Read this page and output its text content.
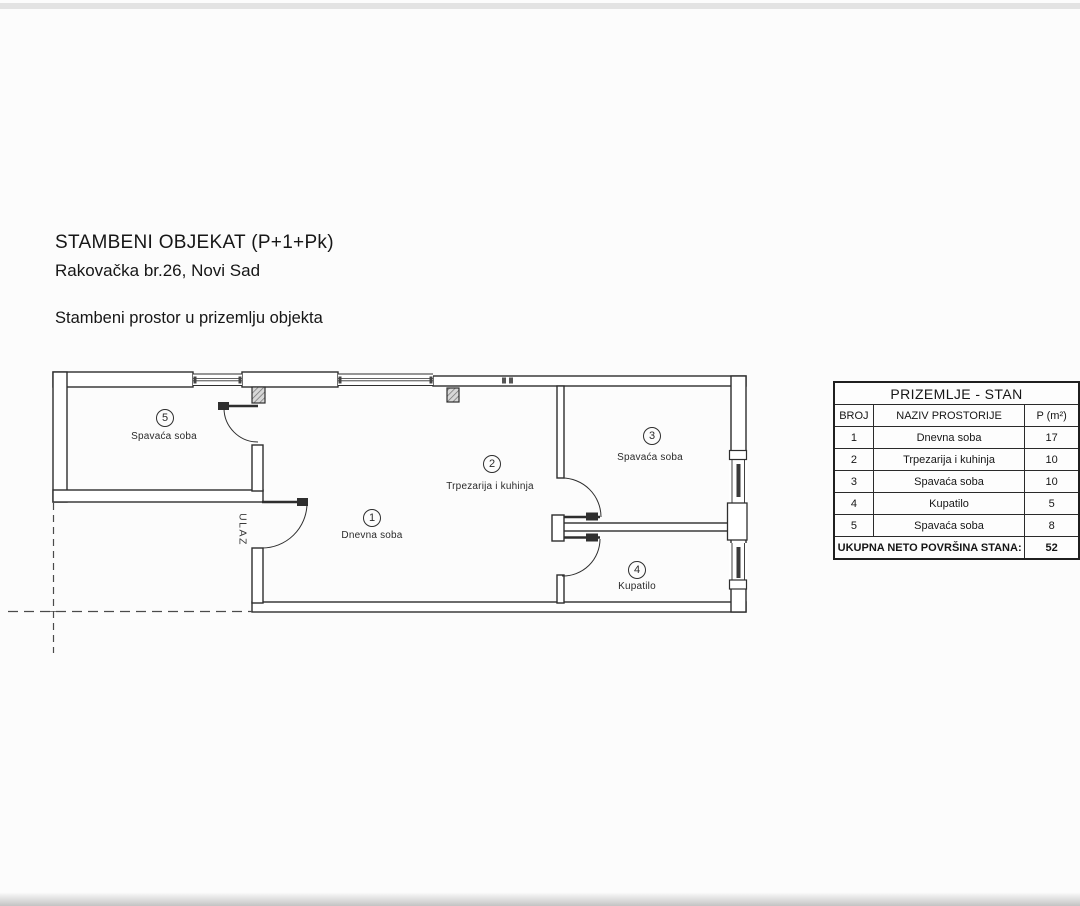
STAMBENI OBJEKAT (P+1+Pk)
Rakovačka br.26, Novi Sad
Stambeni prostor u prizemlju objekta
1
Dnevna soba
2
Trpezarija i kuhinja
3
Spavaća soba
4
Kupatilo
5
Spavaća soba
ULAZ
PRIZEMLJE - STAN		
BROJ	NAZIV PROSTORIJE	P (m²)
1	Dnevna soba	17
2	Trpezarija i kuhinja	10
3	Spavaća soba	10
4	Kupatilo	5
5	Spavaća soba	8
UKUPNA NETO POVRŠINA STANA:		52
